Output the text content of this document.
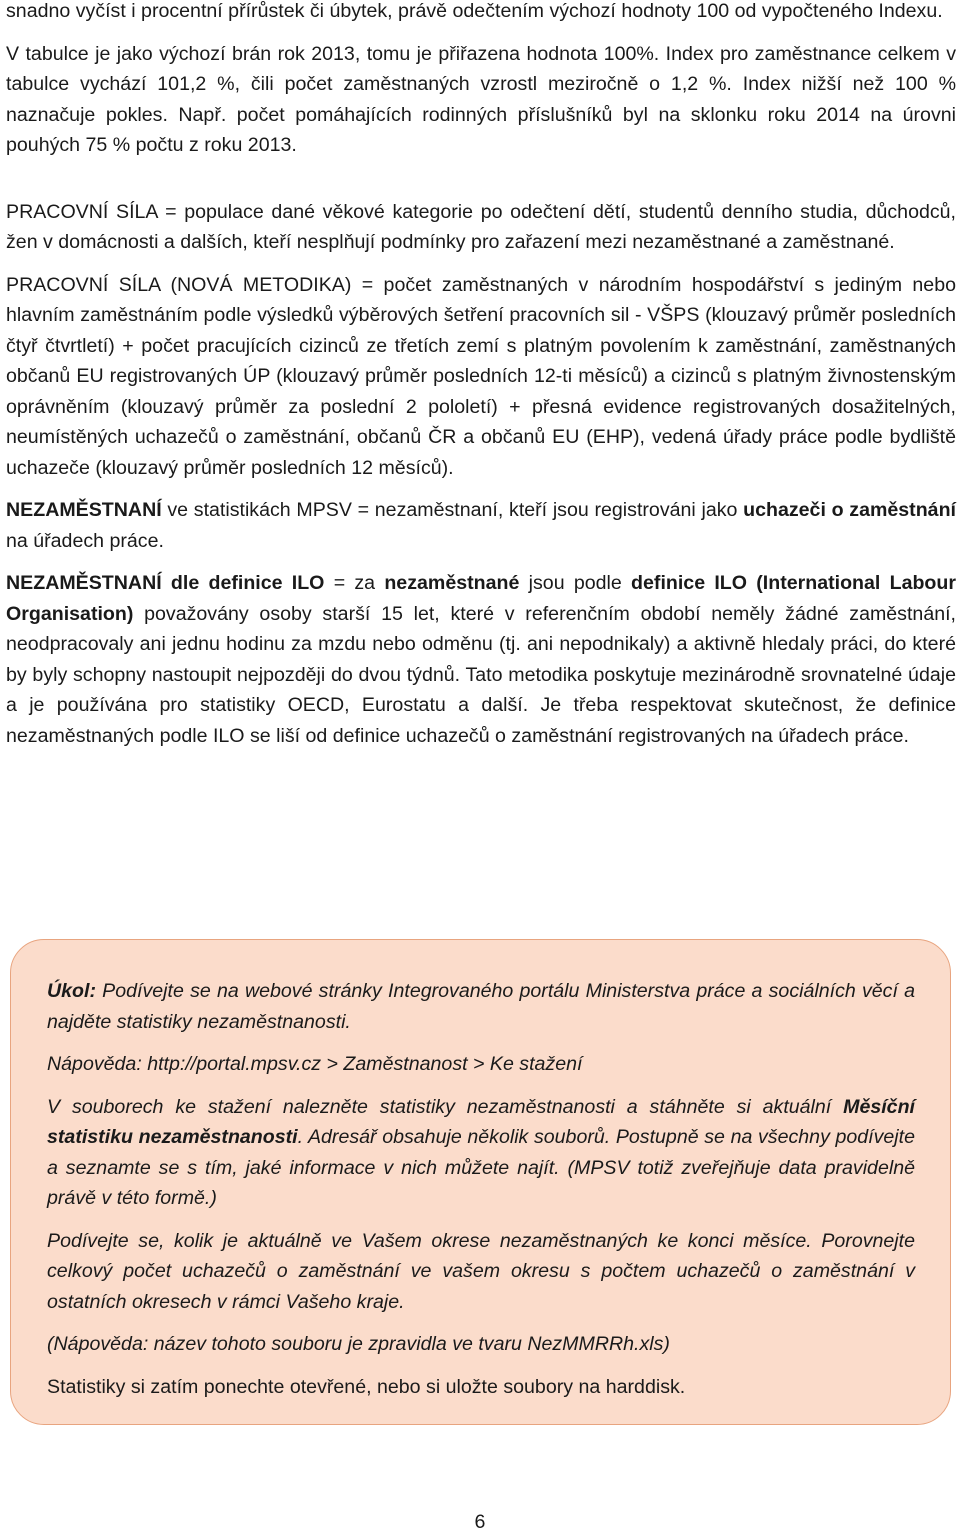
snadno vyčíst i procentní přírůstek či úbytek, právě odečtením výchozí hodnoty 100 od vypočteného Indexu.

V tabulce je jako výchozí brán rok 2013, tomu je přiřazena hodnota 100%. Index pro zaměstnance celkem v tabulce vychází 101,2 %, čili počet zaměstnaných vzrostl meziročně o 1,2 %. Index nižší než 100 % naznačuje pokles. Např. počet pomáhajících rodinných příslušníků byl na sklonku roku 2014 na úrovni pouhých 75 % počtu z roku 2013.

PRACOVNÍ SÍLA = populace dané věkové kategorie po odečtení dětí, studentů denního studia, důchodců, žen v domácnosti a dalších, kteří nesplňují podmínky pro zařazení mezi nezaměstnané a zaměstnané.

PRACOVNÍ SÍLA (NOVÁ METODIKA) = počet zaměstnaných v národním hospodářství s jediným nebo hlavním zaměstnáním podle výsledků výběrových šetření pracovních sil - VŠPS (klouzavý průměr posledních čtyř čtvrtletí) + počet pracujících cizinců ze třetích zemí s platným povolením k zaměstnání, zaměstnaných občanů EU registrovaných ÚP (klouzavý průměr posledních 12-ti měsíců) a cizinců s platným živnostenským oprávněním (klouzavý průměr za poslední 2 pololetí) + přesná evidence registrovaných dosažitelných, neumístěných uchazečů o zaměstnání, občanů ČR a občanů EU (EHP), vedená úřady práce podle bydliště uchazeče (klouzavý průměr posledních 12 měsíců).

NEZAMĚSTNANÍ ve statistikách MPSV = nezaměstnaní, kteří jsou registrováni jako uchazeči o zaměstnání na úřadech práce.

NEZAMĚSTNANÍ dle definice ILO = za nezaměstnané jsou podle definice ILO (International Labour Organisation) považovány osoby starší 15 let, které v referenčním období neměly žádné zaměstnání, neodpracovaly ani jednu hodinu za mzdu nebo odměnu (tj. ani nepodnikaly) a aktivně hledaly práci, do které by byly schopny nastoupit nejpozději do dvou týdnů. Tato metodika poskytuje mezinárodně srovnatelné údaje a je používána pro statistiky OECD, Eurostatu a další. Je třeba respektovat skutečnost, že definice nezaměstnaných podle ILO se liší od definice uchazečů o zaměstnání registrovaných na úřadech práce.

Úkol: Podívejte se na webové stránky Integrovaného portálu Ministerstva práce a sociálních věcí a najděte statistiky nezaměstnanosti.

Nápověda: http://portal.mpsv.cz > Zaměstnanost > Ke stažení

V souborech ke stažení nalezněte statistiky nezaměstnanosti a stáhněte si aktuální Měsíční statistiku nezaměstnanosti. Adresář obsahuje několik souborů. Postupně se na všechny podívejte a seznamte se s tím, jaké informace v nich můžete najít. (MPSV totiž zveřejňuje data pravidelně právě v této formě.)

Podívejte se, kolik je aktuálně ve Vašem okrese nezaměstnaných ke konci měsíce. Porovnejte celkový počet uchazečů o zaměstnání ve vašem okresu s počtem uchazečů o zaměstnání v ostatních okresech v rámci Vašeho kraje.

(Nápověda: název tohoto souboru je zpravidla ve tvaru NezMMRRh.xls)

Statistiky si zatím ponechte otevřené, nebo si uložte soubory na harddisk.

6
